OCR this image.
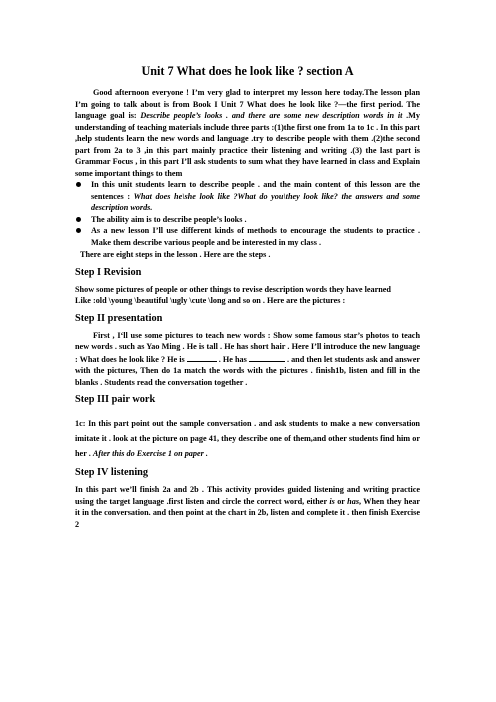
Unit 7 What does he look like ? section A

Good afternoon everyone ! I’m very glad to interpret my lesson here today.The lesson plan I’m going to talk about is from Book I Unit 7 What does he look like ?—the first period. The language goal is: Describe people’s looks . and there are some new description words in it .My understanding of teaching materials include three parts :(1)the first one from 1a to 1c . In this part ,help students learn the new words and language .try to describe people with them .(2)the second part from 2a to 3 ,in this part mainly practice their listening and writing .(3) the last part is Grammar Focus , in this part I’ll ask students to sum what they have learned in class and Explain some important things to them

In this unit students learn to describe people . and the main content of this lesson are the sentences : What does he\she look like ?What do you\they look like? the answers and some description words.
The ability aim is to describe people’s looks .
As a new lesson I’ll use different kinds of methods to encourage the students to practice . Make them describe various people and be interested in my class .

There are eight steps in the lesson . Here are the steps .

Step I Revision

Show some pictures of people or other things to revise description words they have learned

Like :old \young \beautiful \ugly \cute \long and so on . Here are the pictures :

Step II presentation

First , I‘ll use some pictures to teach new words : Show some famous star’s photos to teach new words . such as Yao Ming . He is tall . He has short hair . Here I’ll introduce the new language : What does he look like ? He is	. He has	. and then let students ask and answer with the pictures, Then do 1a match the words with the pictures . finish1b, listen and fill in the blanks . Students read the conversation together .

Step III pair work

1c: In this part point out the sample conversation . and ask students to make a new conversation imitate it . look at the picture on page 41, they describe one of them,and other students find him or her . After this do Exercise 1 on paper .

Step IV listening

In this part we’ll finish 2a and 2b . This activity provides guided listening and writing practice using the target language .first listen and circle the correct word, either is or has, When they hear it in the conversation. and then point at the chart in 2b, listen and complete it . then finish Exercise 2
